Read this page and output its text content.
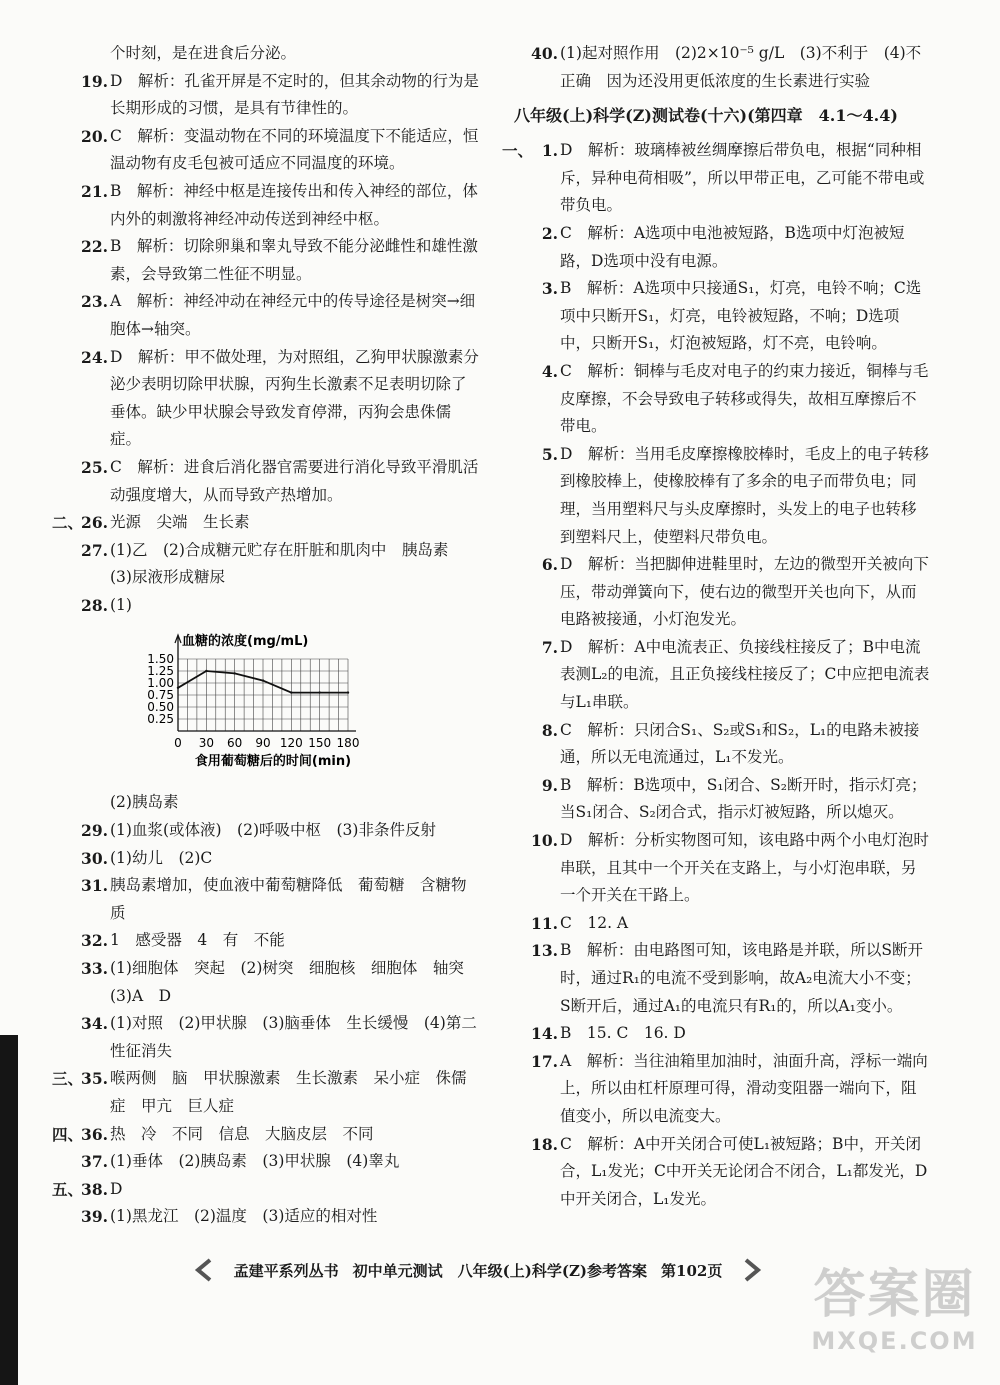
个时刻，是在进食后分泌。
19. D　解析：孔雀开屏是不定时的，但其余动物的行为是长期形成的习惯，是具有节律性的。
20. C　解析：变温动物在不同的环境温度下不能适应，恒温动物有皮毛包被可适应不同温度的环境。
21. B　解析：神经中枢是连接传出和传入神经的部位，体内外的刺激将神经冲动传送到神经中枢。
22. B　解析：切除卵巢和睾丸导致不能分泌雌性和雄性激素，会导致第二性征不明显。
23. A　解析：神经冲动在神经元中的传导途径是树突→细胞体→轴突。
24. D　解析：甲不做处理，为对照组，乙狗甲状腺激素分泌少表明切除甲状腺，丙狗生长激素不足表明切除了垂体。缺少甲状腺会导致发育停滞，丙狗会患侏儒症。
25. C　解析：进食后消化器官需要进行消化导致平滑肌活动强度增大，从而导致产热增加。
二、
26. 光源　尖端　生长素
27. (1)乙　(2)合成糖元贮存在肝脏和肌肉中　胰岛素　(3)尿液形成糖尿
28. (1)
血糖的浓度(mg/mL)
0.25
0.50
0.75
1.00
1.25
1.50
0 30 60 90 120 150 180
食用葡萄糖后的时间(min)
(2)胰岛素
29. (1)血浆(或体液)　(2)呼吸中枢　(3)非条件反射
30. (1)幼儿　(2)C
31. 胰岛素增加，使血液中葡萄糖降低　葡萄糖　含糖物质
32. 1　感受器　4　有　不能
33. (1)细胞体　突起　(2)树突　细胞核　细胞体　轴突　(3)A　D
34. (1)对照　(2)甲状腺　(3)脑垂体　生长缓慢　(4)第二性征消失
三、
35. 喉两侧　脑　甲状腺激素　生长激素　呆小症　侏儒症　甲亢　巨人症
四、
36. 热　冷　不同　信息　大脑皮层　不同
37. (1)垂体　(2)胰岛素　(3)甲状腺　(4)睾丸
五、
38. D
39. (1)黑龙江　(2)温度　(3)适应的相对性
40. (1)起对照作用　(2)2×10⁻⁵ g/L　(3)不利于　(4)不正确　因为还没用更低浓度的生长素进行实验
八年级(上)科学(Z)测试卷(十六)(第四章　4.1～4.4)
一、 1. D　解析：玻璃棒被丝绸摩擦后带负电，根据“同种相斥，异种电荷相吸”，所以甲带正电，乙可能不带电或带负电。
2. C　解析：A选项中电池被短路，B选项中灯泡被短路，D选项中没有电源。
3. B　解析：A选项中只接通S₁，灯亮，电铃不响；C选项中只断开S₁，灯亮，电铃被短路，不响；D选项中，只断开S₁，灯泡被短路，灯不亮，电铃响。
4. C　解析：铜棒与毛皮对电子的约束力接近，铜棒与毛皮摩擦，不会导致电子转移或得失，故相互摩擦后不带电。
5. D　解析：当用毛皮摩擦橡胶棒时，毛皮上的电子转移到橡胶棒上，使橡胶棒有了多余的电子而带负电；同理，当用塑料尺与头皮摩擦时，头发上的电子也转移到塑料尺上，使塑料尺带负电。
6. D　解析：当把脚伸进鞋里时，左边的微型开关被向下压，带动弹簧向下，使右边的微型开关也向下，从而电路被接通，小灯泡发光。
7. D　解析：A中电流表正、负接线柱接反了；B中电流表测L₂的电流，且正负接线柱接反了；C中应把电流表与L₁串联。
8. C　解析：只闭合S₁、S₂或S₁和S₂，L₁的电路未被接通，所以无电流通过，L₁不发光。
9. B　解析：B选项中，S₁闭合、S₂断开时，指示灯亮；当S₁闭合、S₂闭合式，指示灯被短路，所以熄灭。
10. D　解析：分析实物图可知，该电路中两个小电灯泡时串联，且其中一个开关在支路上，与小灯泡串联，另一个开关在干路上。
11. C　12. A
13. B　解析：由电路图可知，该电路是并联，所以S断开时，通过R₁的电流不受到影响，故A₂电流大小不变；S断开后，通过A₁的电流只有R₁的，所以A₁变小。
14. B　15. C　16. D
17. A　解析：当往油箱里加油时，油面升高，浮标一端向上，所以由杠杆原理可得，滑动变阻器一端向下，阻值变小，所以电流变大。
18. C　解析：A中开关闭合可使L₁被短路；B中，开关闭合，L₁发光；C中开关无论闭合不闭合，L₁都发光，D中开关闭合，L₁发光。
孟建平系列丛书 初中单元测试　八年级(上)科学(Z)参考答案 第102页 答案圈
MXQE.COM
